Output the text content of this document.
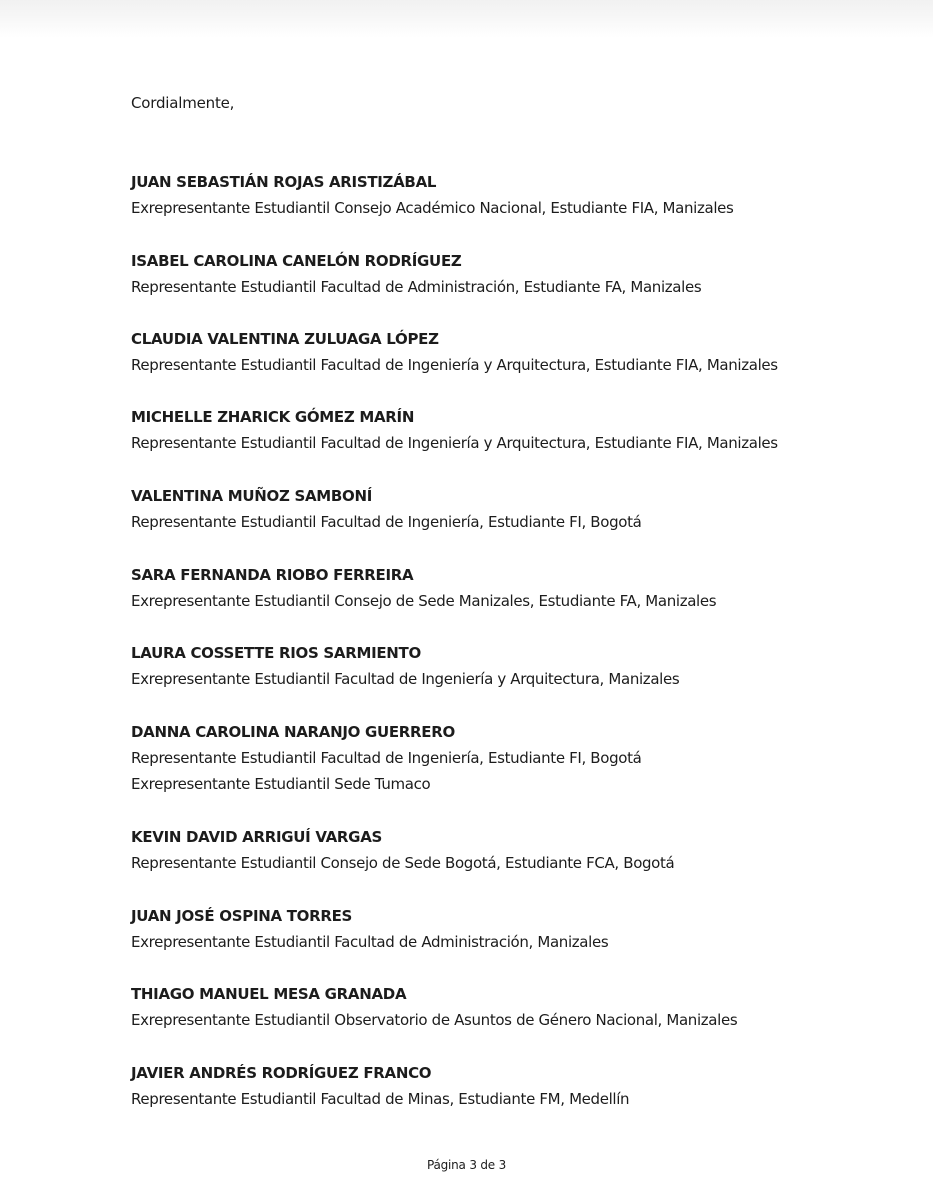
Cordialmente,
JUAN SEBASTIÁN ROJAS ARISTIZÁBAL
Exrepresentante Estudiantil Consejo Académico Nacional, Estudiante FIA, Manizales
ISABEL CAROLINA CANELÓN RODRÍGUEZ
Representante Estudiantil Facultad de Administración, Estudiante FA, Manizales
CLAUDIA VALENTINA ZULUAGA LÓPEZ
Representante Estudiantil Facultad de Ingeniería y Arquitectura, Estudiante FIA, Manizales
MICHELLE ZHARICK GÓMEZ MARÍN
Representante Estudiantil Facultad de Ingeniería y Arquitectura, Estudiante FIA, Manizales
VALENTINA MUÑOZ SAMBONÍ
Representante Estudiantil Facultad de Ingeniería, Estudiante FI, Bogotá
SARA FERNANDA RIOBO FERREIRA
Exrepresentante Estudiantil Consejo de Sede Manizales, Estudiante FA, Manizales
LAURA COSSETTE RIOS SARMIENTO
Exrepresentante Estudiantil Facultad de Ingeniería y Arquitectura, Manizales
DANNA CAROLINA NARANJO GUERRERO
Representante Estudiantil Facultad de Ingeniería, Estudiante FI, Bogotá
Exrepresentante Estudiantil Sede Tumaco
KEVIN DAVID ARRIGUÍ VARGAS
Representante Estudiantil Consejo de Sede Bogotá, Estudiante FCA, Bogotá
JUAN JOSÉ OSPINA TORRES
Exrepresentante Estudiantil Facultad de Administración, Manizales
THIAGO MANUEL MESA GRANADA
Exrepresentante Estudiantil Observatorio de Asuntos de Género Nacional, Manizales
JAVIER ANDRÉS RODRÍGUEZ FRANCO
Representante Estudiantil Facultad de Minas, Estudiante FM, Medellín
Página 3 de 3
